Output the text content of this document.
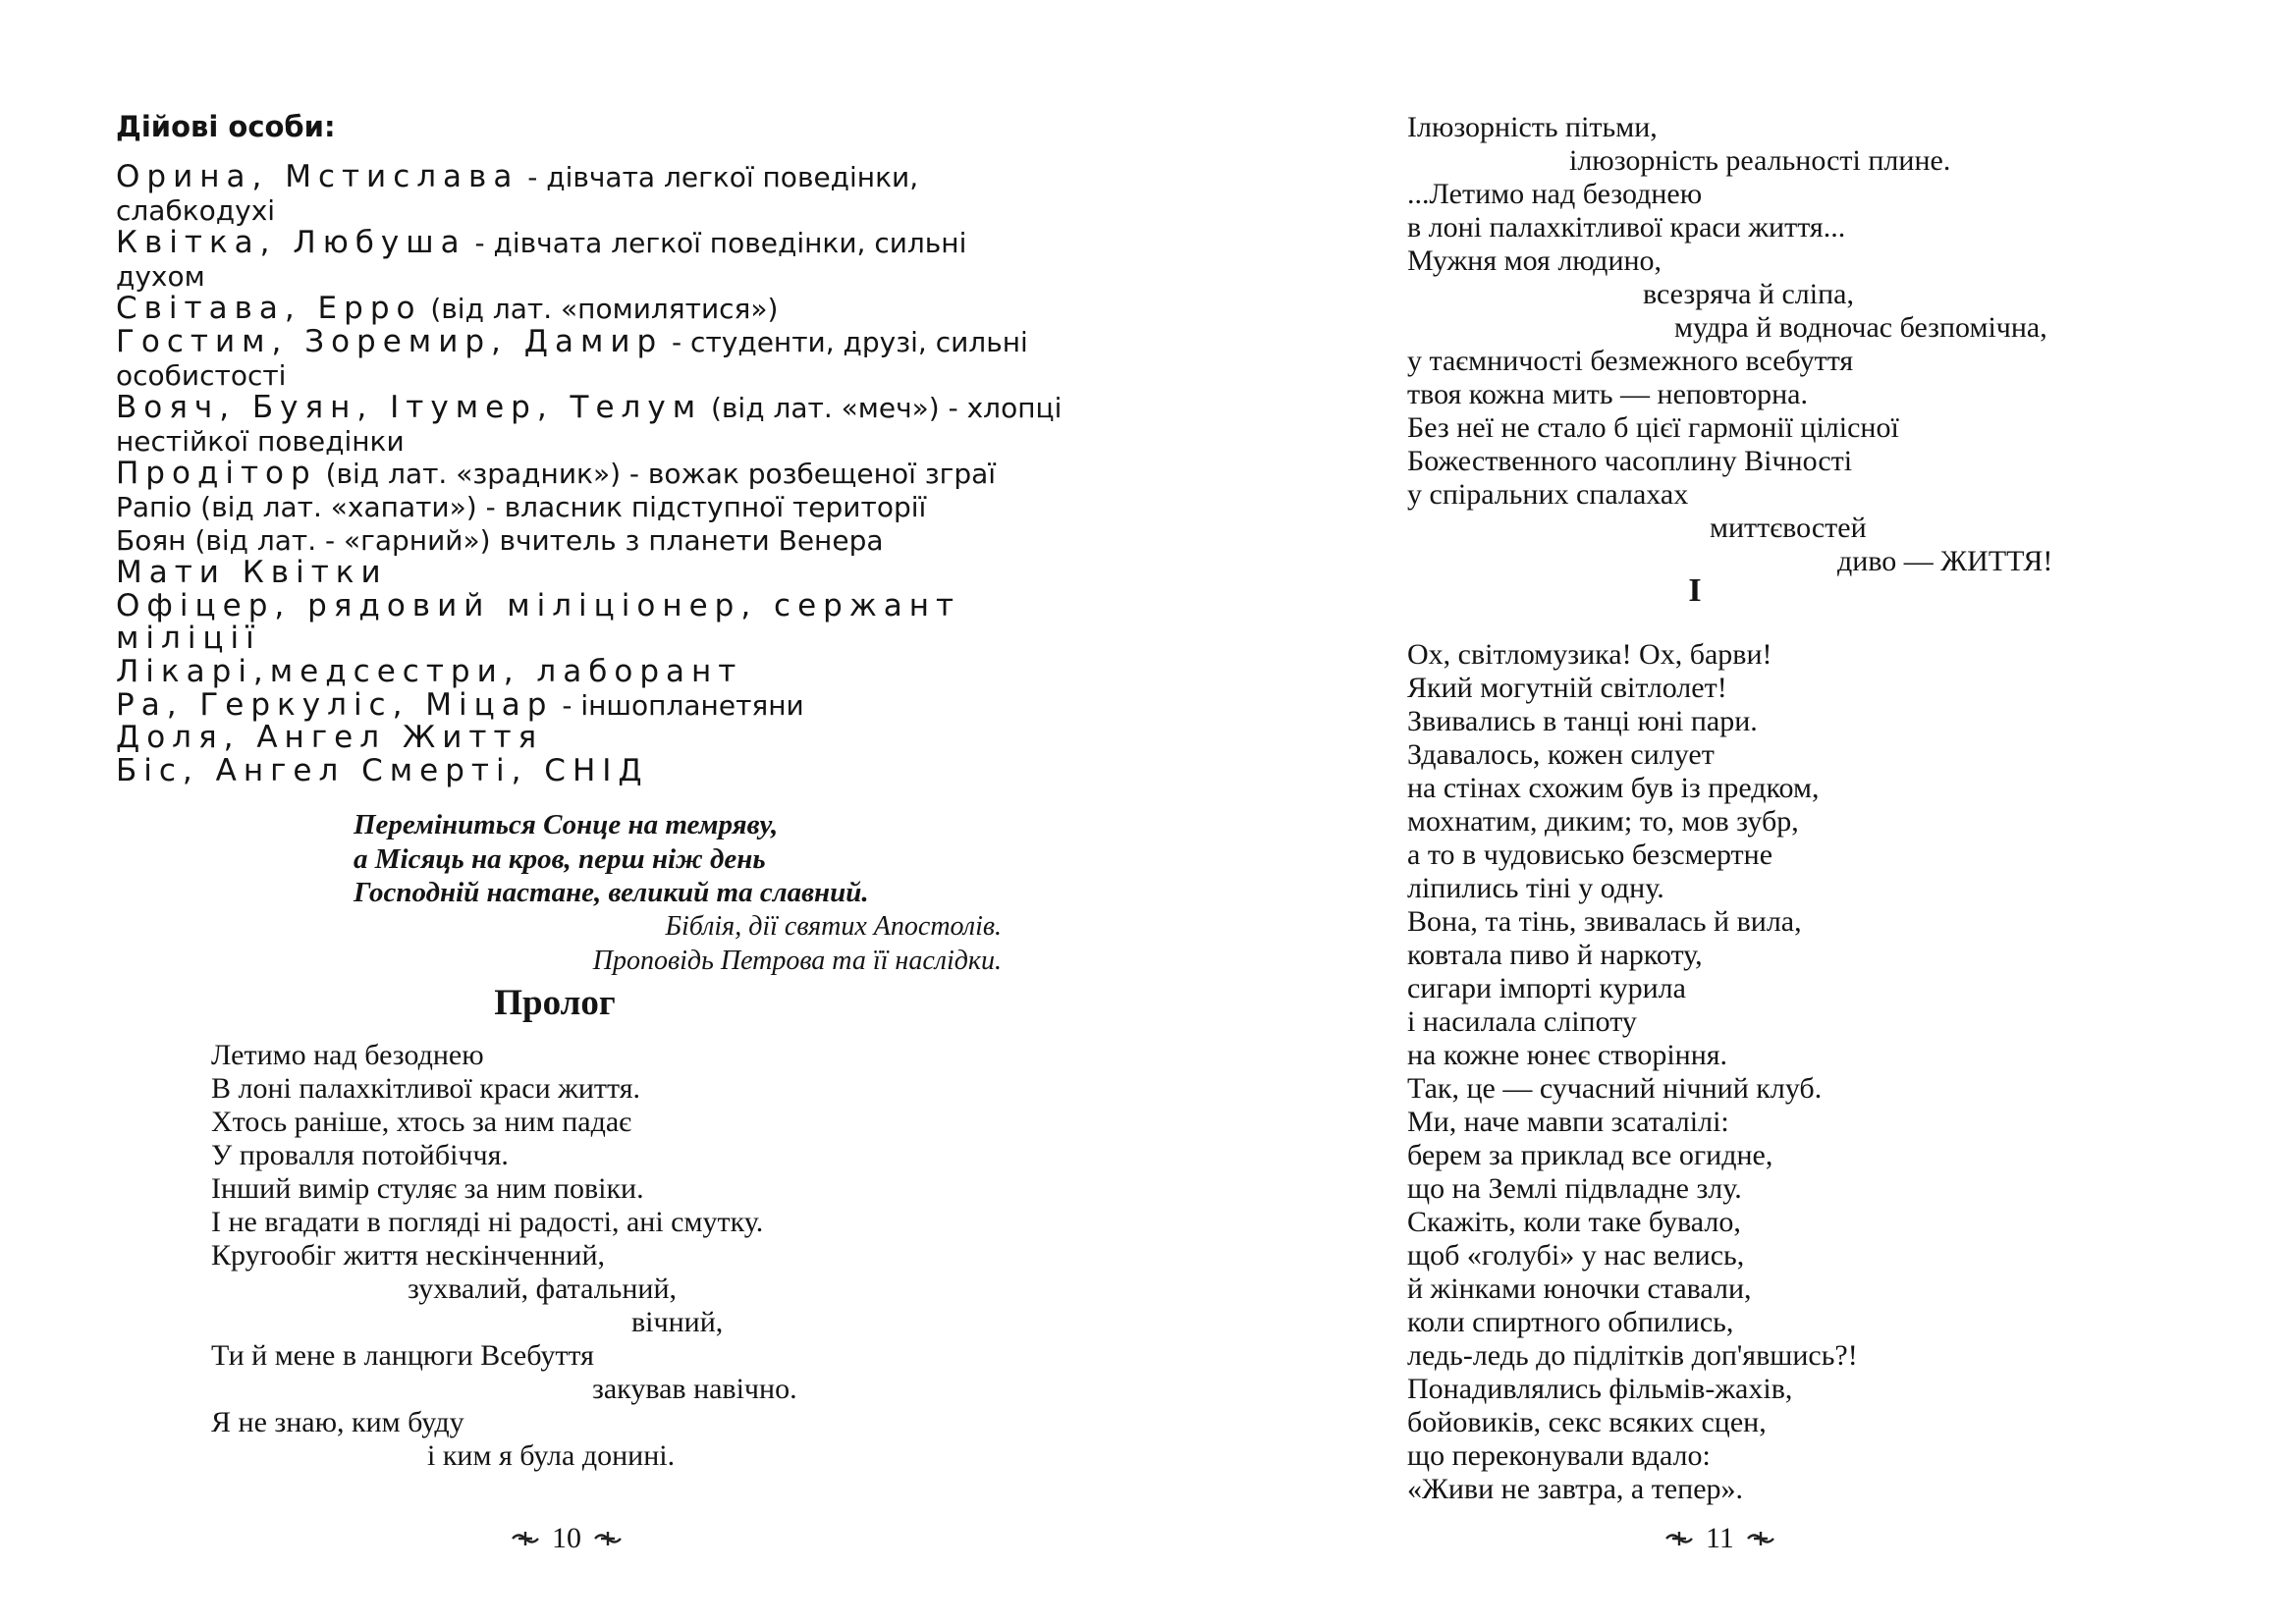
Дійові особи:
Орина, Мстислава - дівчата легкої поведінки,
слабкодухі
Квітка, Любуша - дівчата легкої поведінки, сильні
духом
Світава, Ерро (від лат. «помилятися»)
Гостим, Зоремир, Дамир - студенти, друзі, сильні
особистості
Вояч, Буян, Ітумер, Телум (від лат. «меч») - хлопці
нестійкої поведінки
Продітор (від лат. «зрадник») - вожак розбещеної зграї
Рапіо (від лат. «хапати») - власник підступної території
Боян (від лат. - «гарний») вчитель з планети Венера
Мати Квітки
Офіцер, рядовий міліціонер, сержант
міліції
Лікарі,медсестри, лаборант
Ра, Геркуліс, Міцар - іншопланетяни
Доля, Ангел Життя
Біс, Ангел Смерті, СНІД
Переміниться Сонце на темряву,
а Місяць на кров, перш ніж день
Господній настане, великий та славний.
Біблія, дії святих Апостолів.
Проповідь Петрова та її наслідки.
Пролог
Летимо над безоднею
В лоні палахкітливої краси життя.
Хтось раніше, хтось за ним падає
У провалля потойбіччя.
Інший вимір стуляє за ним повіки.
І не вгадати в погляді ні радості, ані смутку.
Кругообіг життя нескінченний,
зухвалий, фатальний,
вічний,
Ти й мене в ланцюги Всебуття
закував навічно.
Я не знаю, ким буду
і ким я була донині.
10
Ілюзорність пітьми,
ілюзорність реальності плине.
...Летимо над безоднею
в лоні палахкітливої краси життя...
Мужня моя людино,
всезряча й сліпа,
мудра й водночас безпомічна,
у таємничості безмежного всебуття
твоя кожна мить — неповторна.
Без неї не стало б цієї гармонії цілісної
Божественного часоплину Вічності
у спіральних спалахах
миттєвостей
диво — ЖИТТЯ!
І
Ох, світломузика! Ох, барви!
Який могутній світлолет!
Звивались в танці юні пари.
Здавалось, кожен силует
на стінах схожим був із предком,
мохнатим, диким; то, мов зубр,
а то в чудовисько безсмертне
ліпились тіні у одну.
Вона, та тінь, звивалась й вила,
ковтала пиво й наркоту,
сигари імпорті курила
і насилала сліпоту
на кожне юнеє створіння.
Так, це — сучасний нічний клуб.
Ми, наче мавпи зсаталілі:
берем за приклад все огидне,
що на Землі підвладне злу.
Скажіть, коли таке бувало,
щоб «голубі» у нас велись,
й жінками юночки ставали,
коли спиртного обпились,
ледь-ледь до підлітків доп'явшись?!
Понадивлялись фільмів-жахів,
бойовиків, секс всяких сцен,
що переконували вдало:
«Живи не завтра, а тепер».
11
